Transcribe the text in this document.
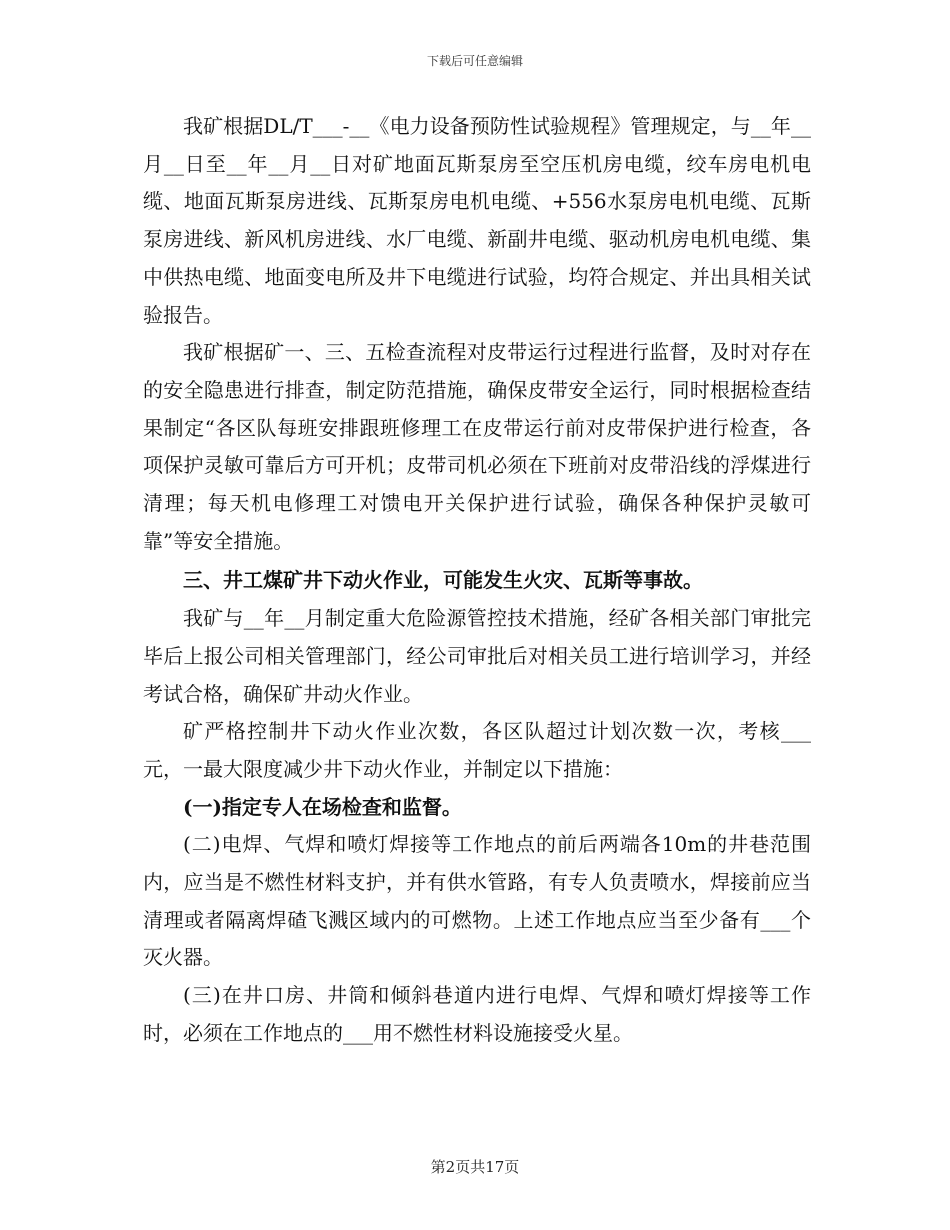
下载后可任意编辑

我矿根据DL/T___-__《电力设备预防性试验规程》管理规定，与__年__月__日至__年__月__日对矿地面瓦斯泵房至空压机房电缆，绞车房电机电缆、地面瓦斯泵房进线、瓦斯泵房电机电缆、+556水泵房电机电缆、瓦斯泵房进线、新风机房进线、水厂电缆、新副井电缆、驱动机房电机电缆、集中供热电缆、地面变电所及井下电缆进行试验，均符合规定、并出具相关试验报告。

我矿根据矿一、三、五检查流程对皮带运行过程进行监督，及时对存在的安全隐患进行排查，制定防范措施，确保皮带安全运行，同时根据检查结果制定“各区队每班安排跟班修理工在皮带运行前对皮带保护进行检查，各项保护灵敏可靠后方可开机；皮带司机必须在下班前对皮带沿线的浮煤进行清理；每天机电修理工对馈电开关保护进行试验，确保各种保护灵敏可靠”等安全措施。

三、井工煤矿井下动火作业，可能发生火灾、瓦斯等事故。

我矿与__年__月制定重大危险源管控技术措施，经矿各相关部门审批完毕后上报公司相关管理部门，经公司审批后对相关员工进行培训学习，并经考试合格，确保矿井动火作业。

矿严格控制井下动火作业次数，各区队超过计划次数一次，考核___元，一最大限度减少井下动火作业，并制定以下措施：

(一)指定专人在场检查和监督。

(二)电焊、气焊和喷灯焊接等工作地点的前后两端各10m的井巷范围内，应当是不燃性材料支护，并有供水管路，有专人负责喷水，焊接前应当清理或者隔离焊碴飞溅区域内的可燃物。上述工作地点应当至少备有___个灭火器。

(三)在井口房、井筒和倾斜巷道内进行电焊、气焊和喷灯焊接等工作时，必须在工作地点的___用不燃性材料设施接受火星。

第2页共17页
